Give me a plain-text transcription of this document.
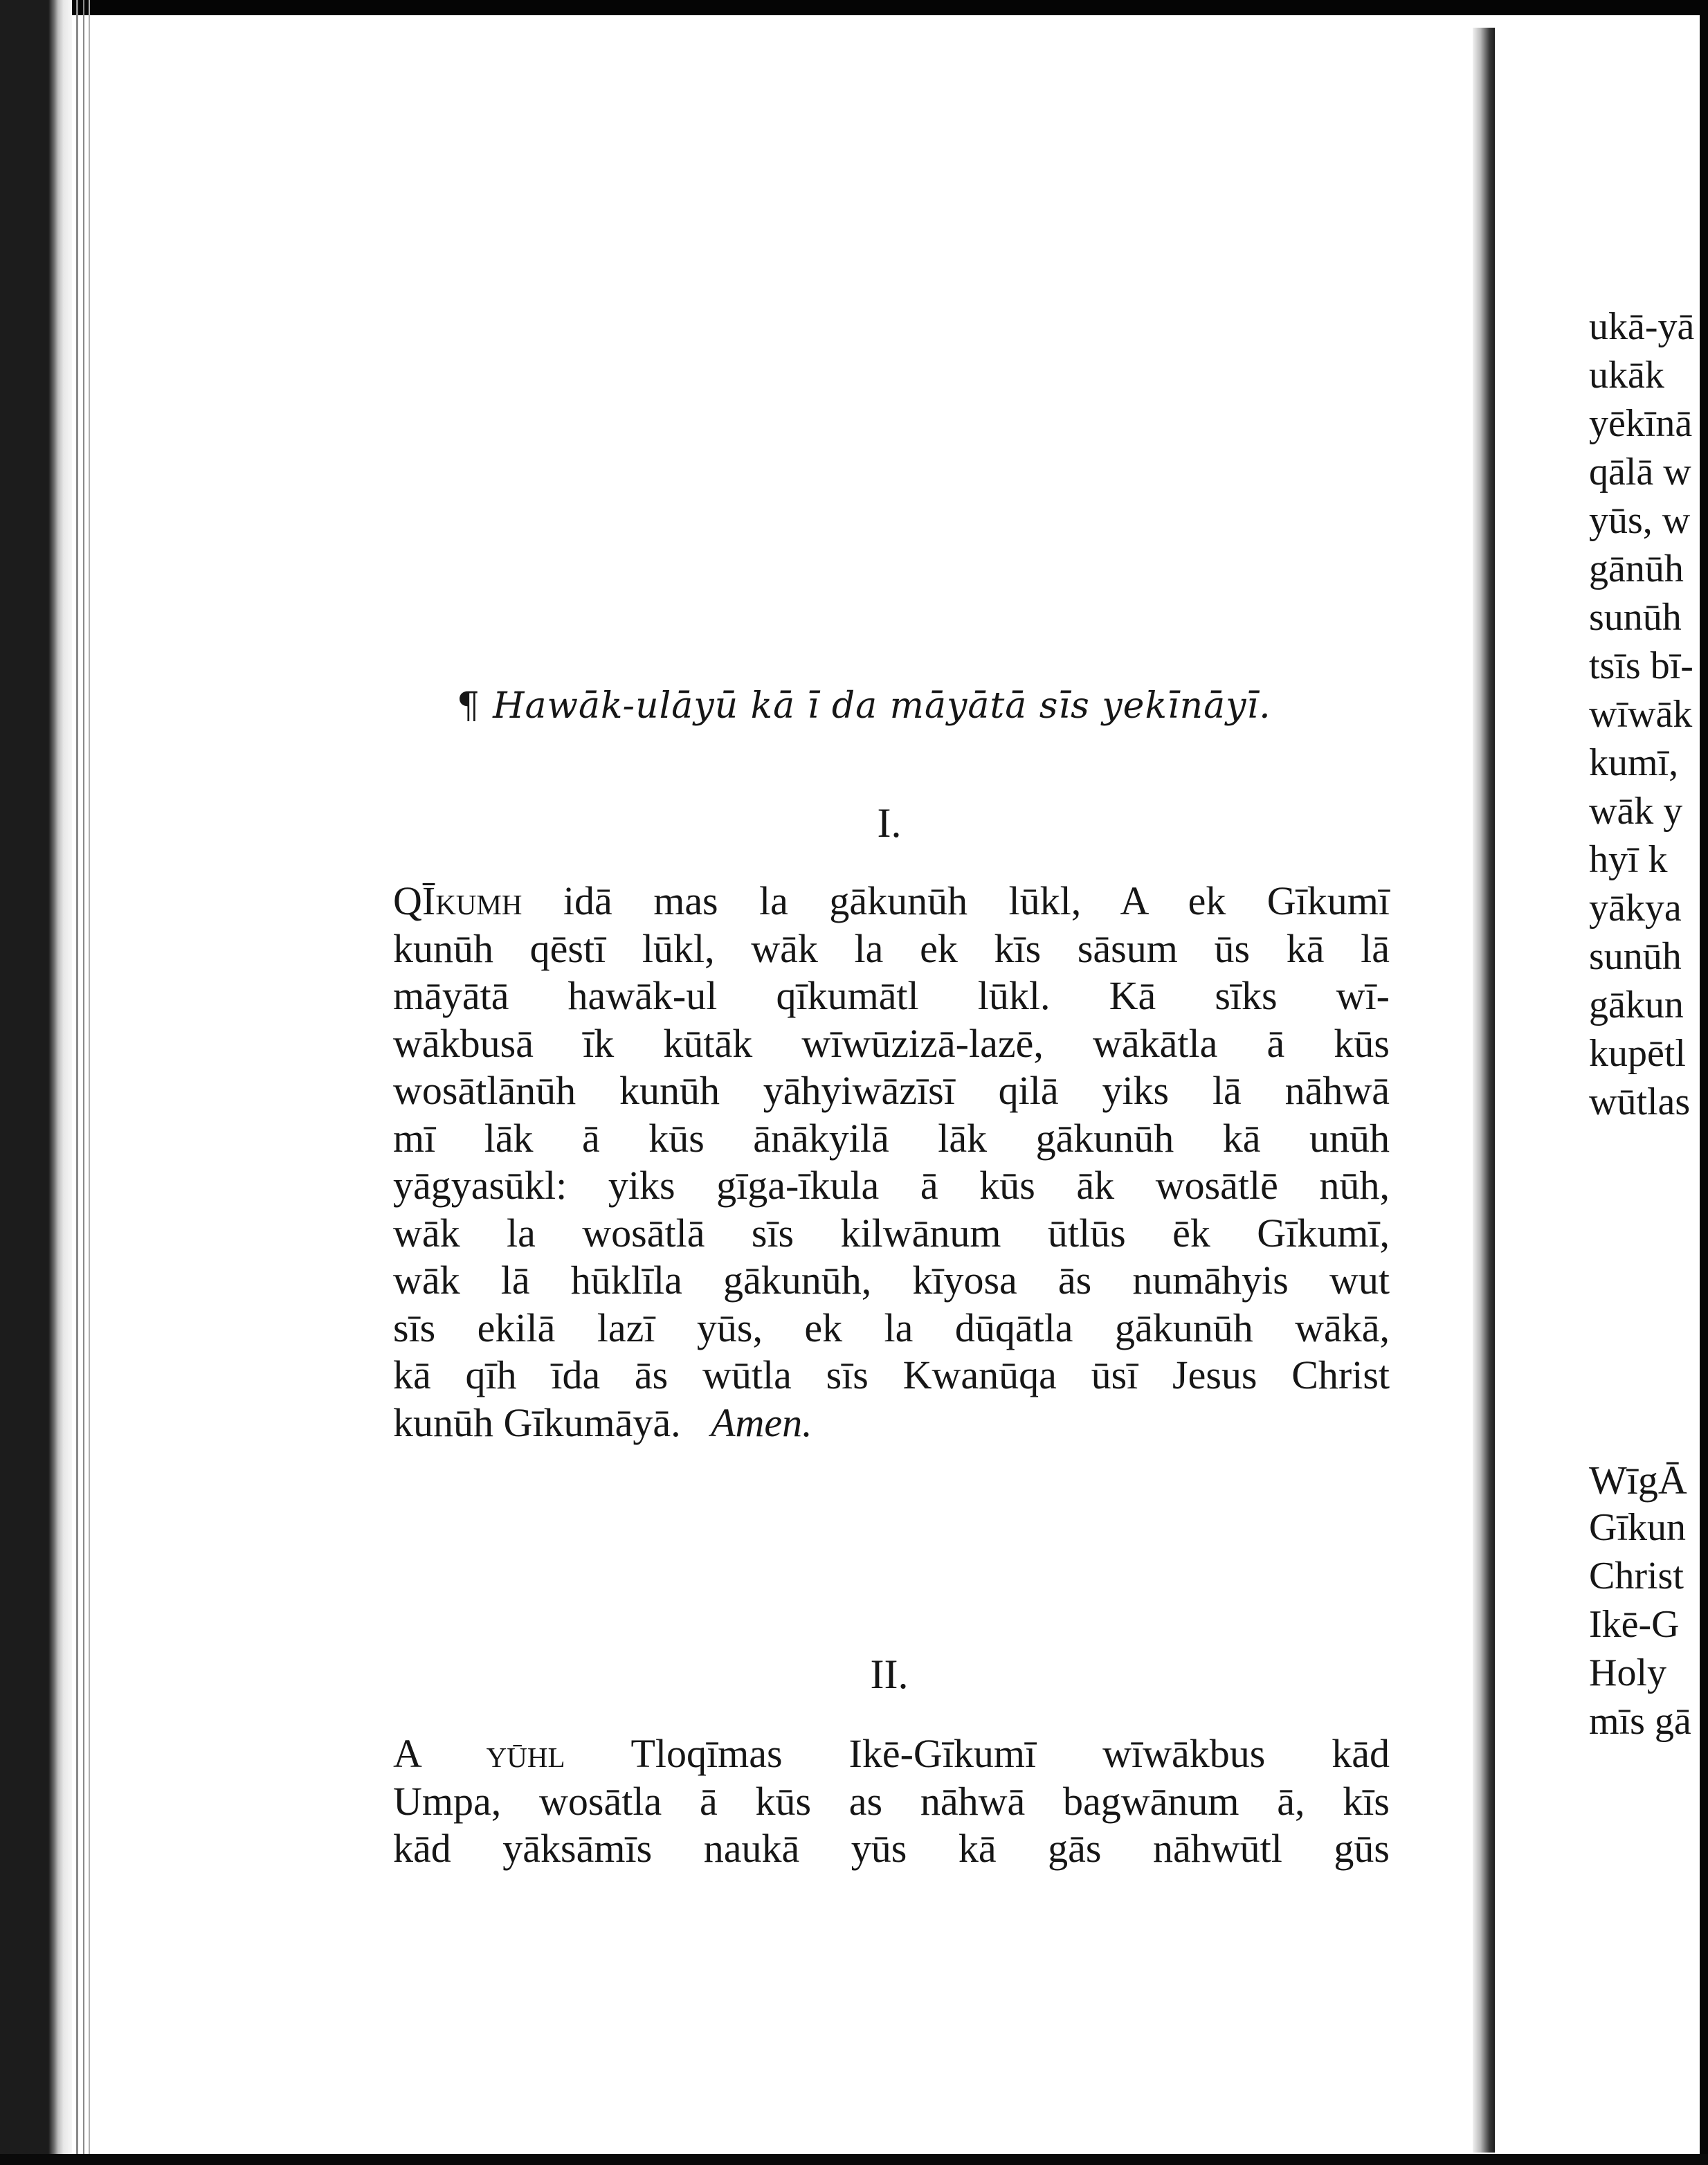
¶ Hawāk-ulāyū kā ī da māyātā sīs yekīnāyī.
I.
QĪkumh idā mas la gākunūh lūkl, A ek Gīkumī
kunūh qēstī lūkl, wāk la ek kīs sāsum ūs kā lā
māyātā hawāk-ul qīkumātl lūkl. Kā sīks wī-
wākbusā īk kūtāk wīwūzizā-lazē, wākātla ā kūs
wosātlānūh kunūh yāhyiwāzīsī qilā yiks lā nāhwā
mī lāk ā kūs ānākyilā lāk gākunūh kā unūh
yāgyasūkl: yiks gīga-īkula ā kūs āk wosātlē nūh,
wāk la wosātlā sīs kilwānum ūtlūs ēk Gīkumī,
wāk lā hūklīla gākunūh, kīyosa ās numāhyis wut
sīs ekilā lazī yūs, ek la dūqātla gākunūh wākā,
kā qīh īda ās wūtla sīs Kwanūqa ūsī Jesus Christ
kunūh Gīkumāyā. Amen.
II.
A yūhl Tloqīmas Ikē-Gīkumī wīwākbus kād
Umpa, wosātla ā kūs as nāhwā bagwānum ā, kīs
kād yāksāmīs naukā yūs kā gās nāhwūtl gūs
ukā-yā
ukāk
yēkīnā
qālā w
yūs, w
gānūh
sunūh
tsīs bī-
wīwāk
kumī,
wāk y
hyī k
yākya
sunūh
gākun
kupētl
wūtlas
WīgĀ
Gīkun
Christ
Ikē-G
Holy
mīs gā
